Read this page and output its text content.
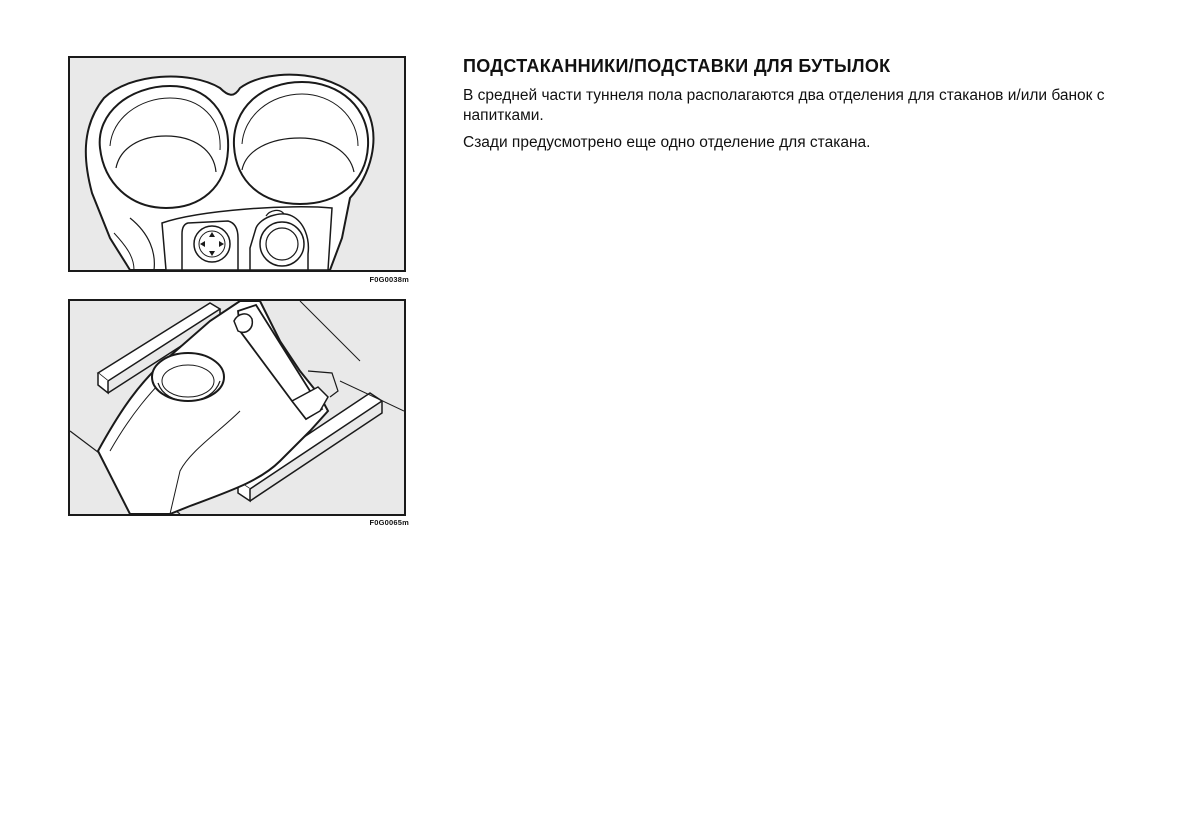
F0G0038m
F0G0065m
ПОДСТАКАННИКИ/ПОДСТАВКИ ДЛЯ БУТЫЛОК

В средней части туннеля пола располагаются два отделения для стаканов и/или банок с напитками.

Сзади предусмотрено еще одно отделение для стакана.
